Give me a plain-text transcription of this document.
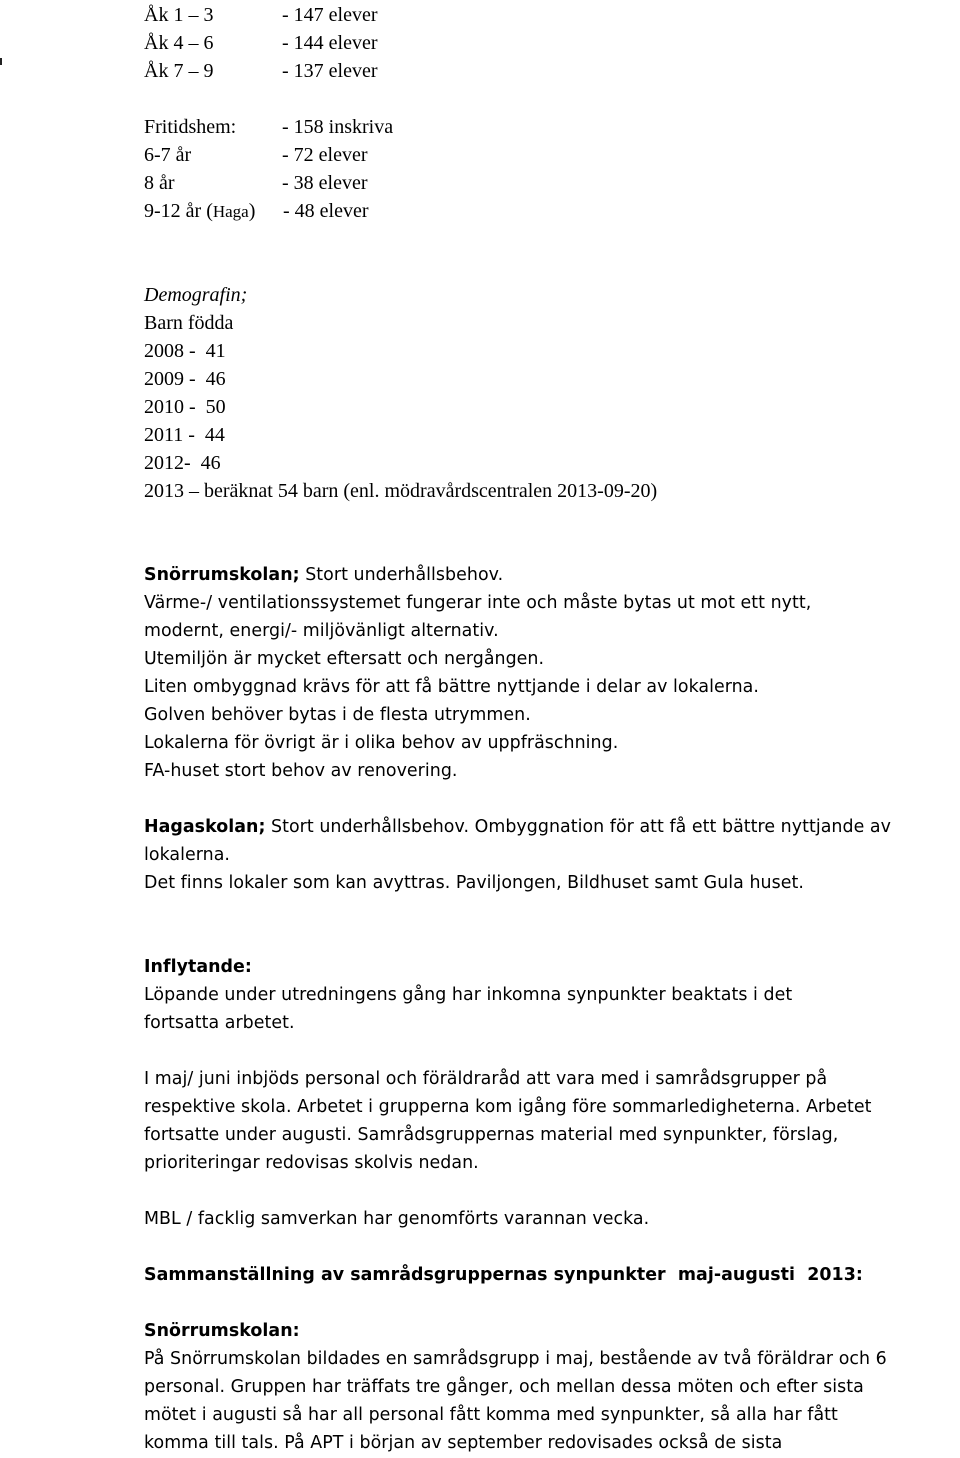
Åk 1 – 3	- 147 elever
Åk 4 – 6	- 144 elever
Åk 7 – 9	- 137 elever
Fritidshem: - 158 inskriva
6-7 år	- 72 elever
8 år	- 38 elever
9-12 år (Haga) - 48 elever
Demografin;
Barn födda
2008 -  41
2009 -  46
2010 -  50
2011 -  44
2012-  46
2013 – beräknat 54 barn (enl. mödravårdscentralen 2013-09-20)
Snörrumskolan; Stort underhållsbehov.
Värme-/ ventilationssystemet fungerar inte och måste bytas ut mot ett nytt,
modernt, energi/- miljövänligt alternativ.
Utemiljön är mycket eftersatt och nergången.
Liten ombyggnad krävs för att få bättre nyttjande i delar av lokalerna.
Golven behöver bytas i de flesta utrymmen.
Lokalerna för övrigt är i olika behov av uppfräschning.
FA-huset stort behov av renovering.
Hagaskolan; Stort underhållsbehov. Ombyggnation för att få ett bättre nyttjande av
lokalerna.
Det finns lokaler som kan avyttras. Paviljongen, Bildhuset samt Gula huset.
Inflytande:
Löpande under utredningens gång har inkomna synpunkter beaktats i det
fortsatta arbetet.
I maj/ juni inbjöds personal och föräldraråd att vara med i samrådsgrupper på
respektive skola. Arbetet i grupperna kom igång före sommarledigheterna. Arbetet
fortsatte under augusti. Samrådsgruppernas material med synpunkter, förslag,
prioriteringar redovisas skolvis nedan.
MBL / facklig samverkan har genomförts varannan vecka.
Sammanställning av samrådsgruppernas synpunkter  maj-augusti  2013:
Snörrumskolan:
På Snörrumskolan bildades en samrådsgrupp i maj, bestående av två föräldrar och 6
personal. Gruppen har träffats tre gånger, och mellan dessa möten och efter sista
mötet i augusti så har all personal fått komma med synpunkter, så alla har fått
komma till tals. På APT i början av september redovisades också de sista
